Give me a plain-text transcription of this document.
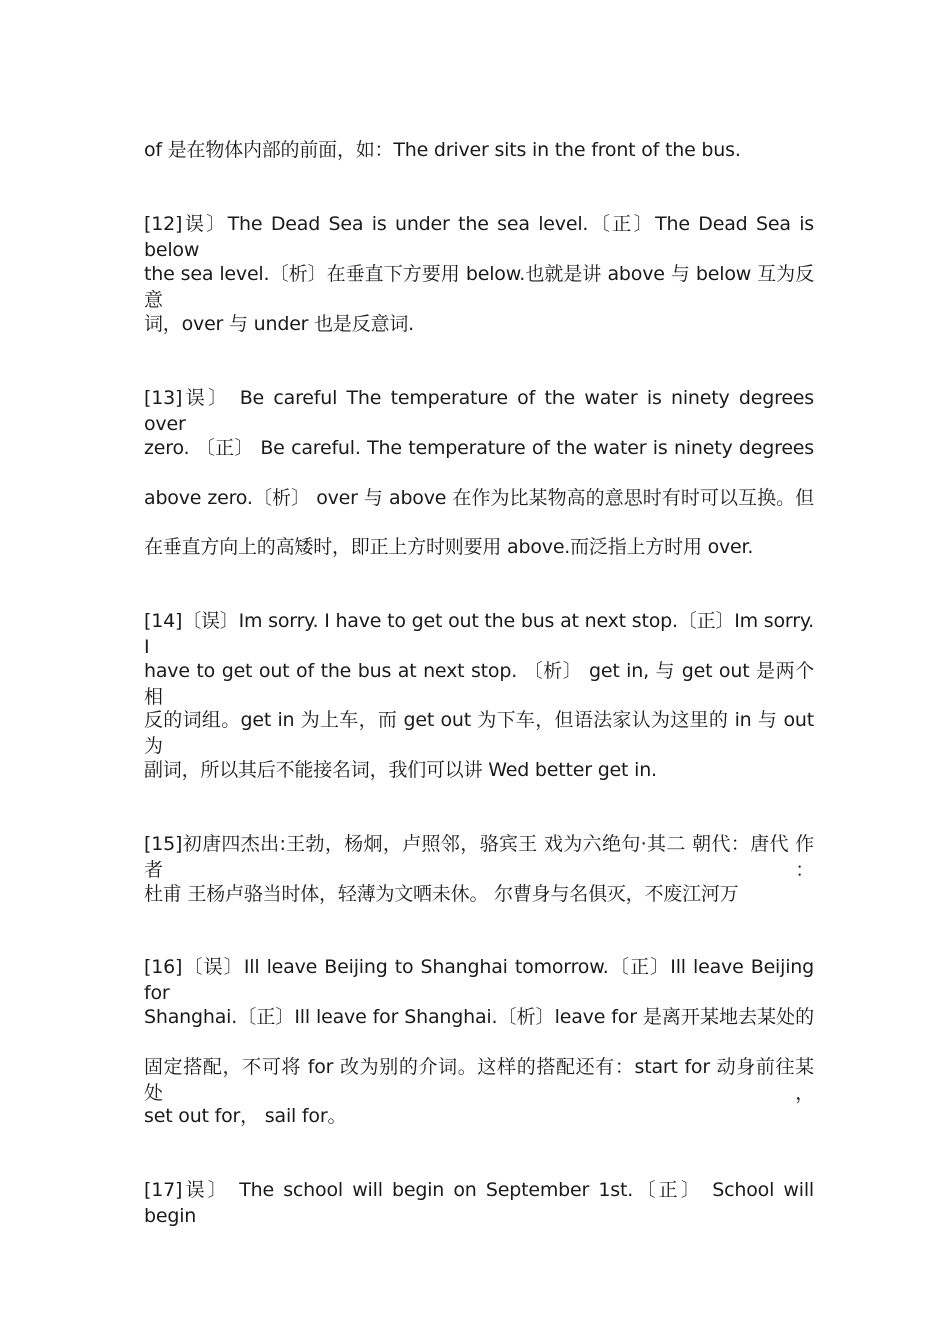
of 是在物体内部的前面，如：The driver sits in the front of the bus.

[12]误〕The Dead Sea is under the sea level.〔正〕The Dead Sea is below

the sea level.〔析〕在垂直下方要用 below.也就是讲 above 与 below 互为反意

词，over 与 under 也是反意词.

[13]误〕 Be careful The temperature of the water is ninety degrees over

zero. 〔正〕 Be careful. The temperature of the water is ninety degrees

above zero.〔析〕 over 与 above 在作为比某物高的意思时有时可以互换。但

在垂直方向上的高矮时，即正上方时则要用 above.而泛指上方时用 over.

[14]〔误〕Im sorry. I have to get out the bus at next stop.〔正〕Im sorry. I

have to get out of the bus at next stop. 〔析〕 get in, 与 get out 是两个相

反的词组。get in 为上车，而 get out 为下车，但语法家认为这里的 in 与 out 为

副词，所以其后不能接名词，我们可以讲 Wed better get in.

[15]初唐四杰出:王勃，杨炯，卢照邻，骆宾王 戏为六绝句·其二 朝代：唐代 作者：

杜甫 王杨卢骆当时体，轻薄为文哂未休。 尔曹身与名俱灭，不废江河万

[16]〔误〕Ill leave Beijing to Shanghai tomorrow.〔正〕Ill leave Beijing for

Shanghai.〔正〕Ill leave for Shanghai.〔析〕leave for 是离开某地去某处的

固定搭配，不可将 for 改为别的介词。这样的搭配还有：start for 动身前往某处，

set out for， sail for。

[17]误〕 The school will begin on September 1st.〔正〕 School will begin
